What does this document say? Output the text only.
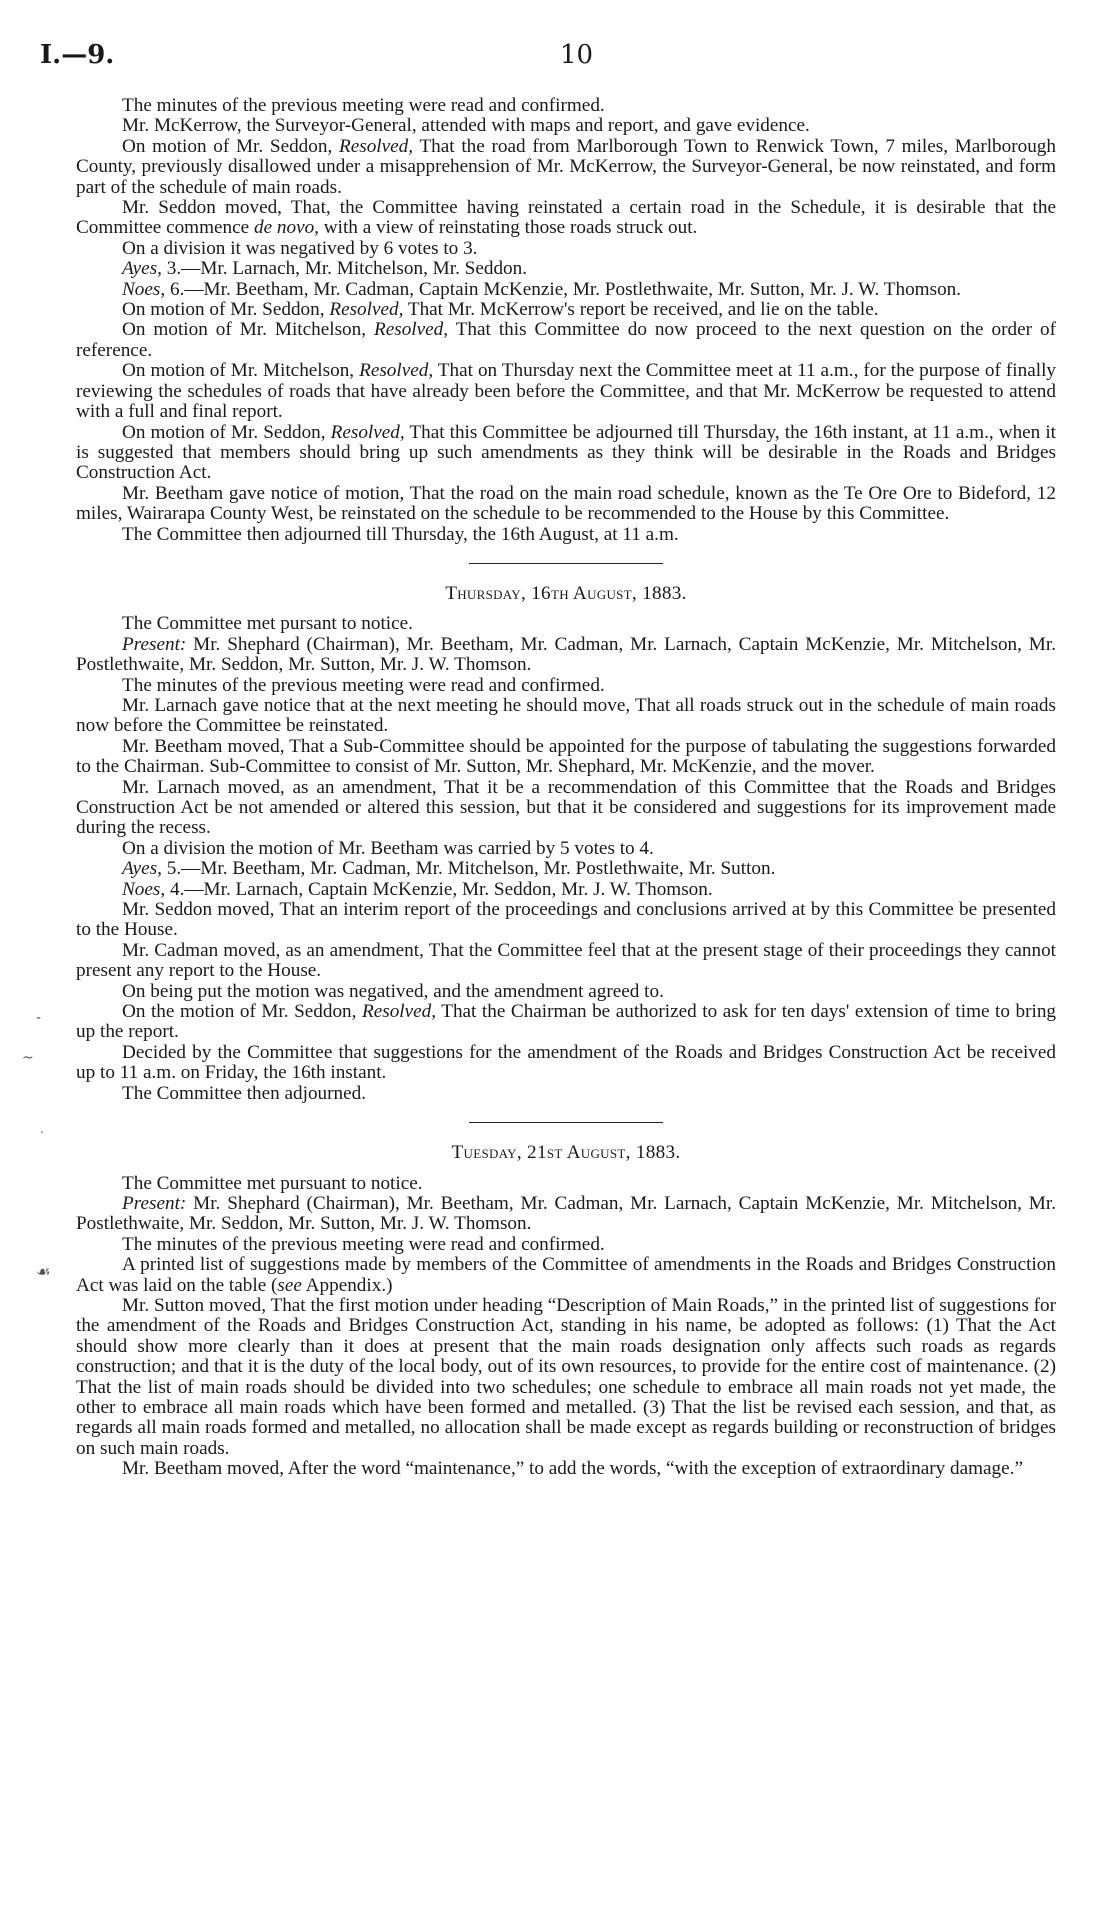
I.—9.	10
-
~
.
☙

The minutes of the previous meeting were read and confirmed.

Mr. McKerrow, the Surveyor-General, attended with maps and report, and gave evidence.

On motion of Mr. Seddon, Resolved, That the road from Marlborough Town to Renwick Town, 7 miles, Marlborough County, previously disallowed under a misapprehension of Mr. McKerrow, the Surveyor-General, be now reinstated, and form part of the schedule of main roads.

Mr. Seddon moved, That, the Committee having reinstated a certain road in the Schedule, it is desirable that the Committee commence de novo, with a view of reinstating those roads struck out.

On a division it was negatived by 6 votes to 3.

Ayes, 3.—Mr. Larnach, Mr. Mitchelson, Mr. Seddon.

Noes, 6.—Mr. Beetham, Mr. Cadman, Captain McKenzie, Mr. Postlethwaite, Mr. Sutton, Mr. J. W. Thomson.

On motion of Mr. Seddon, Resolved, That Mr. McKerrow's report be received, and lie on the table.

On motion of Mr. Mitchelson, Resolved, That this Committee do now proceed to the next question on the order of reference.

On motion of Mr. Mitchelson, Resolved, That on Thursday next the Committee meet at 11 a.m., for the purpose of finally reviewing the schedules of roads that have already been before the Committee, and that Mr. McKerrow be requested to attend with a full and final report.

On motion of Mr. Seddon, Resolved, That this Committee be adjourned till Thursday, the 16th instant, at 11 a.m., when it is suggested that members should bring up such amendments as they think will be desirable in the Roads and Bridges Construction Act.

Mr. Beetham gave notice of motion, That the road on the main road schedule, known as the Te Ore Ore to Bideford, 12 miles, Wairarapa County West, be reinstated on the schedule to be recommended to the House by this Committee.

The Committee then adjourned till Thursday, the 16th August, at 11 a.m.

Thursday, 16th August, 1883.

The Committee met pursant to notice.

Present: Mr. Shephard (Chairman), Mr. Beetham, Mr. Cadman, Mr. Larnach, Captain McKenzie, Mr. Mitchelson, Mr. Postlethwaite, Mr. Seddon, Mr. Sutton, Mr. J. W. Thomson.

The minutes of the previous meeting were read and confirmed.

Mr. Larnach gave notice that at the next meeting he should move, That all roads struck out in the schedule of main roads now before the Committee be reinstated.

Mr. Beetham moved, That a Sub-Committee should be appointed for the purpose of tabulating the suggestions forwarded to the Chairman. Sub-Committee to consist of Mr. Sutton, Mr. Shephard, Mr. McKenzie, and the mover.

Mr. Larnach moved, as an amendment, That it be a recommendation of this Committee that the Roads and Bridges Construction Act be not amended or altered this session, but that it be considered and suggestions for its improvement made during the recess.

On a division the motion of Mr. Beetham was carried by 5 votes to 4.

Ayes, 5.—Mr. Beetham, Mr. Cadman, Mr. Mitchelson, Mr. Postlethwaite, Mr. Sutton.

Noes, 4.—Mr. Larnach, Captain McKenzie, Mr. Seddon, Mr. J. W. Thomson.

Mr. Seddon moved, That an interim report of the proceedings and conclusions arrived at by this Committee be presented to the House.

Mr. Cadman moved, as an amendment, That the Committee feel that at the present stage of their proceedings they cannot present any report to the House.

On being put the motion was negatived, and the amendment agreed to.

On the motion of Mr. Seddon, Resolved, That the Chairman be authorized to ask for ten days' extension of time to bring up the report.

Decided by the Committee that suggestions for the amendment of the Roads and Bridges Construction Act be received up to 11 a.m. on Friday, the 16th instant.

The Committee then adjourned.

Tuesday, 21st August, 1883.

The Committee met pursuant to notice.

Present: Mr. Shephard (Chairman), Mr. Beetham, Mr. Cadman, Mr. Larnach, Captain McKenzie, Mr. Mitchelson, Mr. Postlethwaite, Mr. Seddon, Mr. Sutton, Mr. J. W. Thomson.

The minutes of the previous meeting were read and confirmed.

A printed list of suggestions made by members of the Committee of amendments in the Roads and Bridges Construction Act was laid on the table (see Appendix.)

Mr. Sutton moved, That the first motion under heading “Description of Main Roads,” in the printed list of suggestions for the amendment of the Roads and Bridges Construction Act, standing in his name, be adopted as follows: (1) That the Act should show more clearly than it does at present that the main roads designation only affects such roads as regards construction; and that it is the duty of the local body, out of its own resources, to provide for the entire cost of maintenance. (2) That the list of main roads should be divided into two schedules; one schedule to embrace all main roads not yet made, the other to embrace all main roads which have been formed and metalled. (3) That the list be revised each session, and that, as regards all main roads formed and metalled, no allocation shall be made except as regards building or reconstruction of bridges on such main roads.

Mr. Beetham moved, After the word “maintenance,” to add the words, “with the exception of extraordinary damage.”
